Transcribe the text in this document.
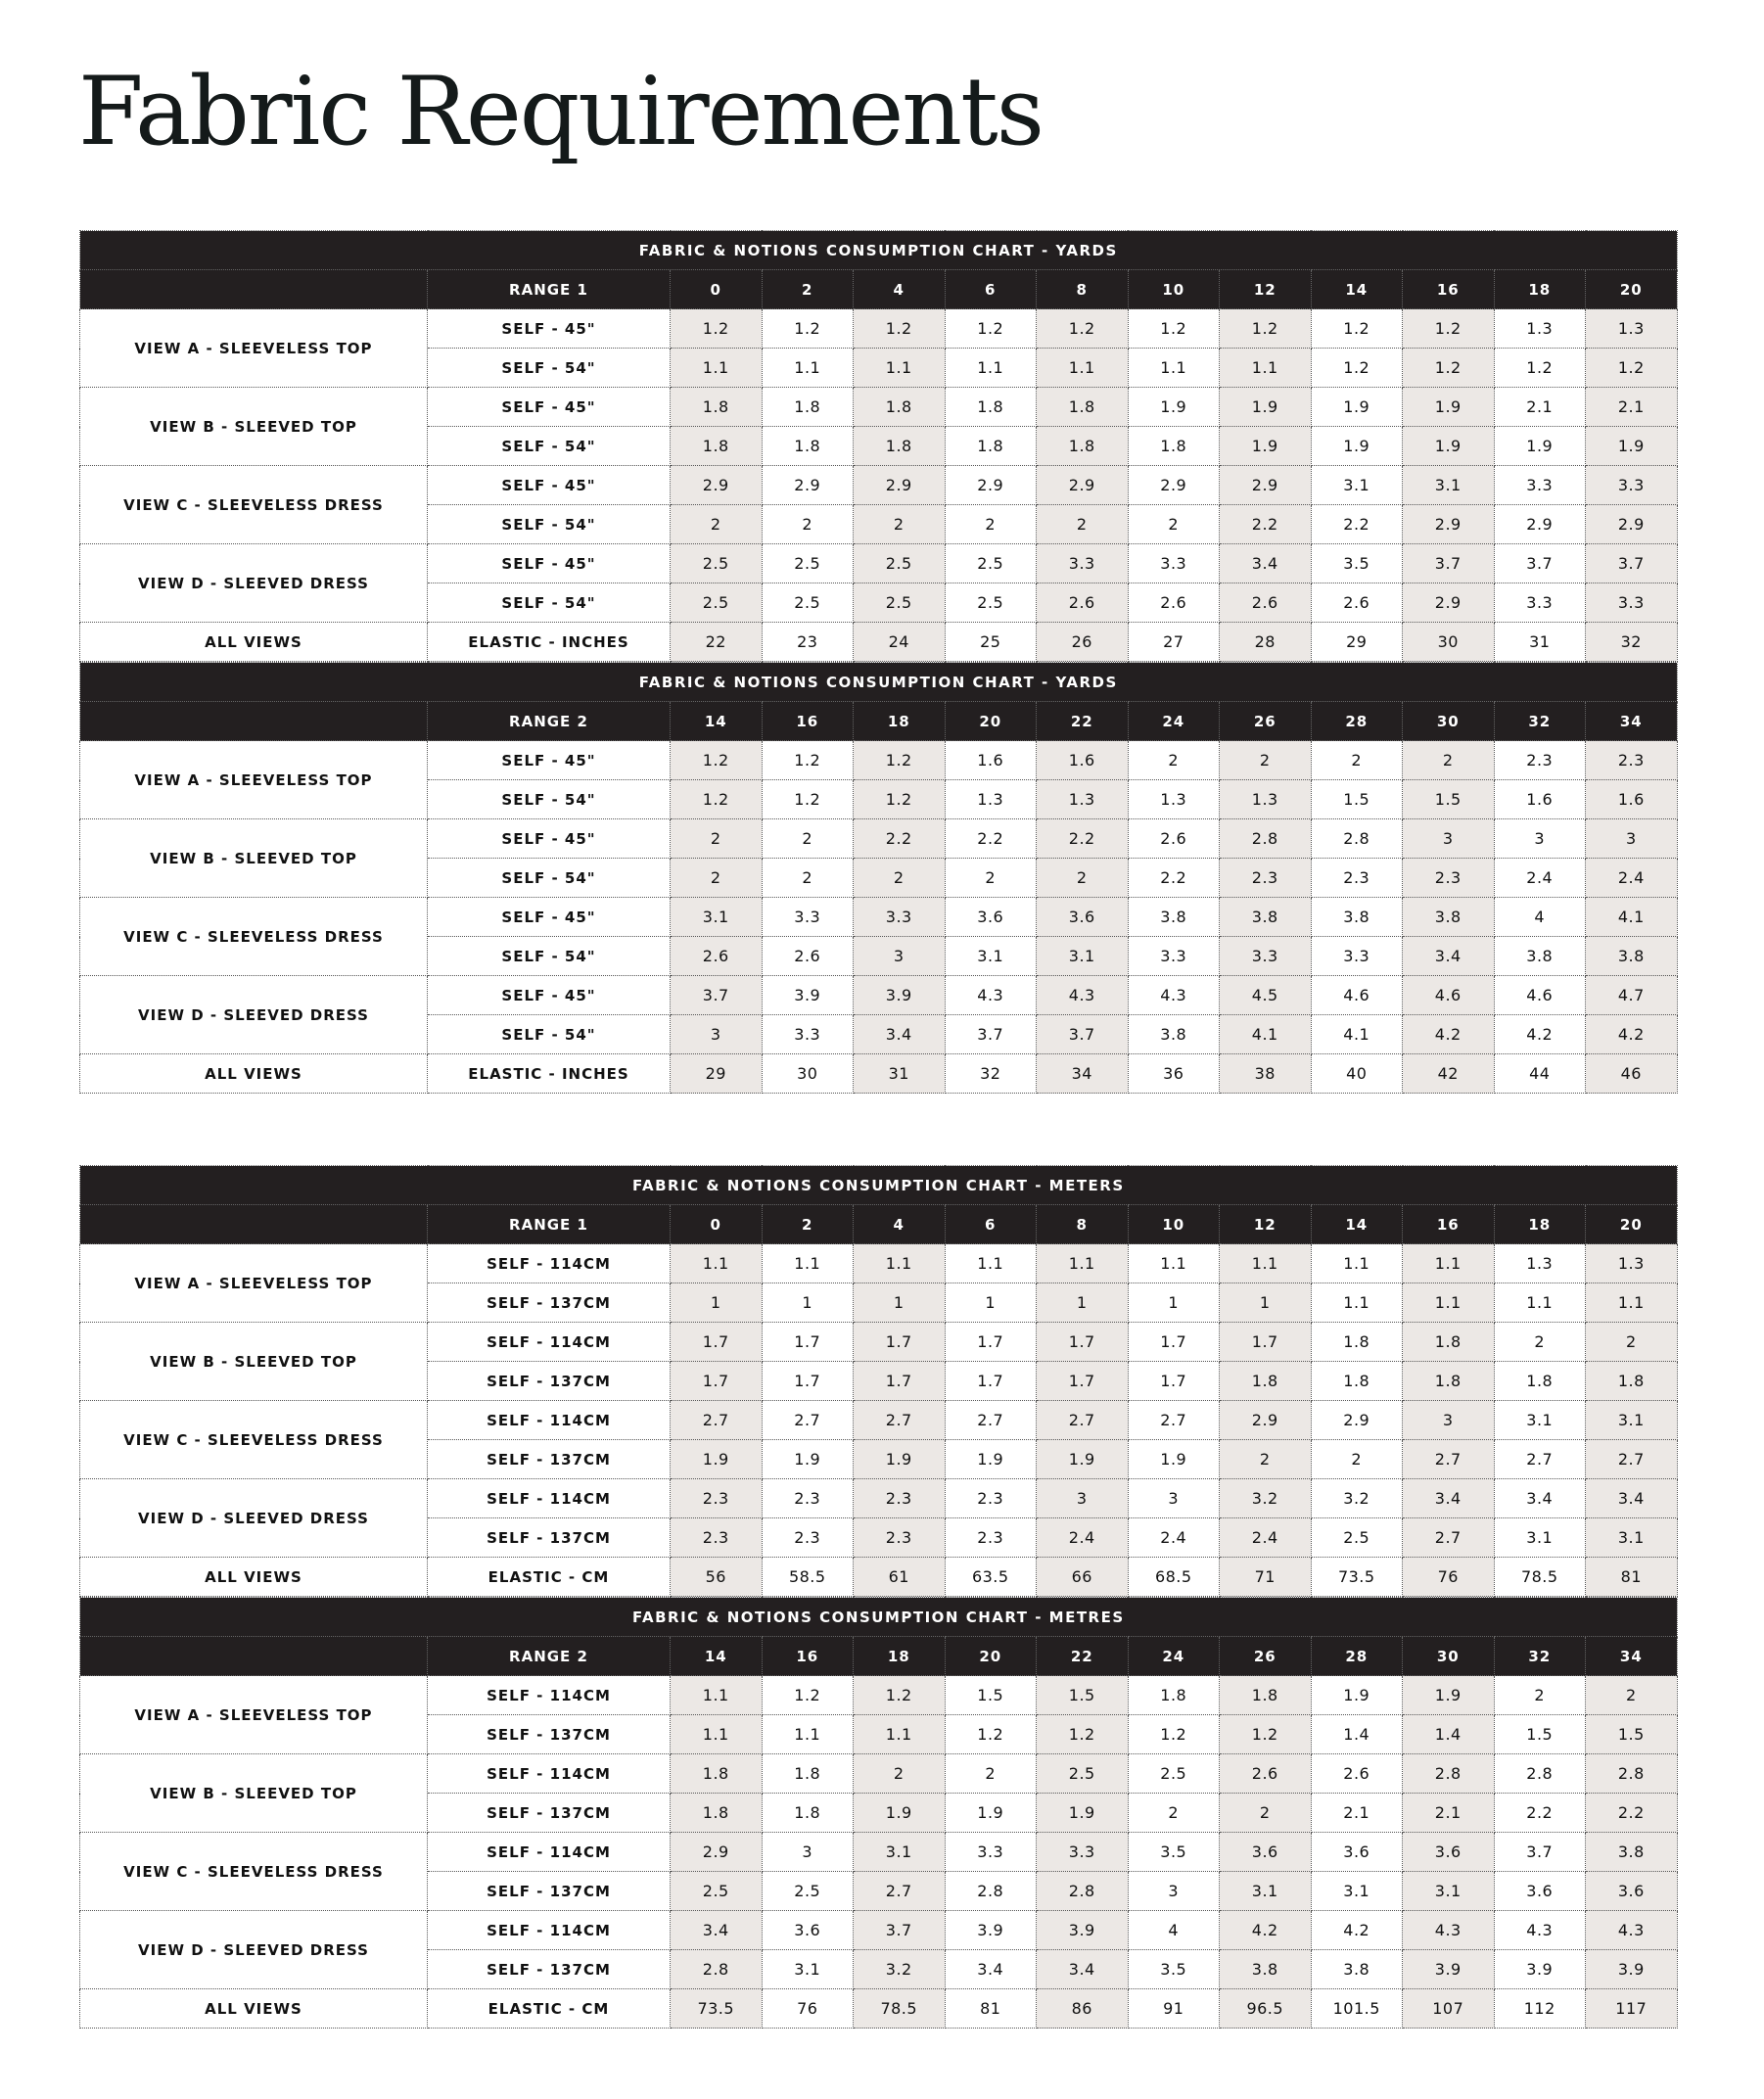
Fabric Requirements
FABRIC & NOTIONS CONSUMPTION CHART - YARDS												
	RANGE 1	0	2	4	6	8	10	12	14	16	18	20
VIEW A - SLEEVELESS TOP	SELF - 45"	1.2	1.2	1.2	1.2	1.2	1.2	1.2	1.2	1.2	1.3	1.3
	SELF - 54"	1.1	1.1	1.1	1.1	1.1	1.1	1.1	1.2	1.2	1.2	1.2
VIEW B - SLEEVED TOP	SELF - 45"	1.8	1.8	1.8	1.8	1.8	1.9	1.9	1.9	1.9	2.1	2.1
	SELF - 54"	1.8	1.8	1.8	1.8	1.8	1.8	1.9	1.9	1.9	1.9	1.9
VIEW C - SLEEVELESS DRESS	SELF - 45"	2.9	2.9	2.9	2.9	2.9	2.9	2.9	3.1	3.1	3.3	3.3
	SELF - 54"	2	2	2	2	2	2	2.2	2.2	2.9	2.9	2.9
VIEW D - SLEEVED DRESS	SELF - 45"	2.5	2.5	2.5	2.5	3.3	3.3	3.4	3.5	3.7	3.7	3.7
	SELF - 54"	2.5	2.5	2.5	2.5	2.6	2.6	2.6	2.6	2.9	3.3	3.3
ALL VIEWS	ELASTIC - INCHES	22	23	24	25	26	27	28	29	30	31	32
FABRIC & NOTIONS CONSUMPTION CHART - YARDS												
	RANGE 2	14	16	18	20	22	24	26	28	30	32	34
VIEW A - SLEEVELESS TOP	SELF - 45"	1.2	1.2	1.2	1.6	1.6	2	2	2	2	2.3	2.3
	SELF - 54"	1.2	1.2	1.2	1.3	1.3	1.3	1.3	1.5	1.5	1.6	1.6
VIEW B - SLEEVED TOP	SELF - 45"	2	2	2.2	2.2	2.2	2.6	2.8	2.8	3	3	3
	SELF - 54"	2	2	2	2	2	2.2	2.3	2.3	2.3	2.4	2.4
VIEW C - SLEEVELESS DRESS	SELF - 45"	3.1	3.3	3.3	3.6	3.6	3.8	3.8	3.8	3.8	4	4.1
	SELF - 54"	2.6	2.6	3	3.1	3.1	3.3	3.3	3.3	3.4	3.8	3.8
VIEW D - SLEEVED DRESS	SELF - 45"	3.7	3.9	3.9	4.3	4.3	4.3	4.5	4.6	4.6	4.6	4.7
	SELF - 54"	3	3.3	3.4	3.7	3.7	3.8	4.1	4.1	4.2	4.2	4.2
ALL VIEWS	ELASTIC - INCHES	29	30	31	32	34	36	38	40	42	44	46
FABRIC & NOTIONS CONSUMPTION CHART - METERS												
	RANGE 1	0	2	4	6	8	10	12	14	16	18	20
VIEW A - SLEEVELESS TOP	SELF - 114CM	1.1	1.1	1.1	1.1	1.1	1.1	1.1	1.1	1.1	1.3	1.3
	SELF - 137CM	1	1	1	1	1	1	1	1.1	1.1	1.1	1.1
VIEW B - SLEEVED TOP	SELF - 114CM	1.7	1.7	1.7	1.7	1.7	1.7	1.7	1.8	1.8	2	2
	SELF - 137CM	1.7	1.7	1.7	1.7	1.7	1.7	1.8	1.8	1.8	1.8	1.8
VIEW C - SLEEVELESS DRESS	SELF - 114CM	2.7	2.7	2.7	2.7	2.7	2.7	2.9	2.9	3	3.1	3.1
	SELF - 137CM	1.9	1.9	1.9	1.9	1.9	1.9	2	2	2.7	2.7	2.7
VIEW D - SLEEVED DRESS	SELF - 114CM	2.3	2.3	2.3	2.3	3	3	3.2	3.2	3.4	3.4	3.4
	SELF - 137CM	2.3	2.3	2.3	2.3	2.4	2.4	2.4	2.5	2.7	3.1	3.1
ALL VIEWS	ELASTIC - CM	56	58.5	61	63.5	66	68.5	71	73.5	76	78.5	81
FABRIC & NOTIONS CONSUMPTION CHART - METRES												
	RANGE 2	14	16	18	20	22	24	26	28	30	32	34
VIEW A - SLEEVELESS TOP	SELF - 114CM	1.1	1.2	1.2	1.5	1.5	1.8	1.8	1.9	1.9	2	2
	SELF - 137CM	1.1	1.1	1.1	1.2	1.2	1.2	1.2	1.4	1.4	1.5	1.5
VIEW B - SLEEVED TOP	SELF - 114CM	1.8	1.8	2	2	2.5	2.5	2.6	2.6	2.8	2.8	2.8
	SELF - 137CM	1.8	1.8	1.9	1.9	1.9	2	2	2.1	2.1	2.2	2.2
VIEW C - SLEEVELESS DRESS	SELF - 114CM	2.9	3	3.1	3.3	3.3	3.5	3.6	3.6	3.6	3.7	3.8
	SELF - 137CM	2.5	2.5	2.7	2.8	2.8	3	3.1	3.1	3.1	3.6	3.6
VIEW D - SLEEVED DRESS	SELF - 114CM	3.4	3.6	3.7	3.9	3.9	4	4.2	4.2	4.3	4.3	4.3
	SELF - 137CM	2.8	3.1	3.2	3.4	3.4	3.5	3.8	3.8	3.9	3.9	3.9
ALL VIEWS	ELASTIC - CM	73.5	76	78.5	81	86	91	96.5	101.5	107	112	117
